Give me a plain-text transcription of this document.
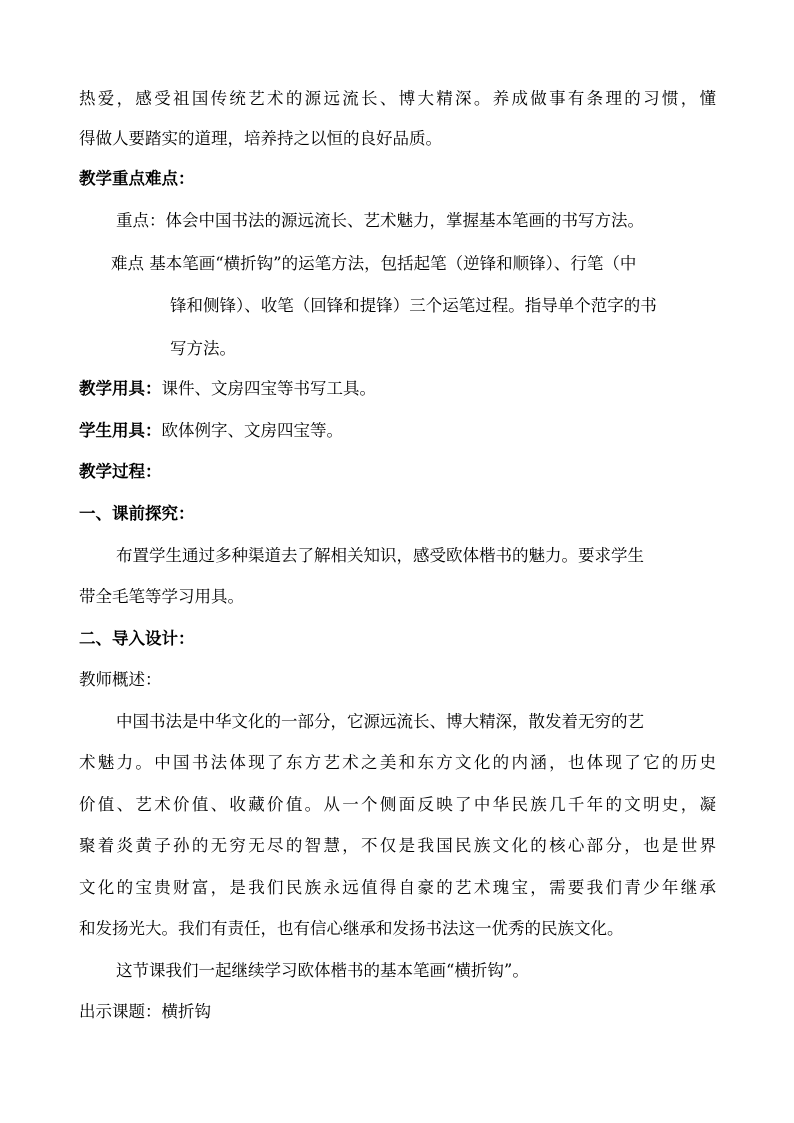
热爱，感受祖国传统艺术的源远流长、博大精深。养成做事有条理的习惯，懂
得做人要踏实的道理，培养持之以恒的良好品质。
教学重点难点：
重点：体会中国书法的源远流长、艺术魅力，掌握基本笔画的书写方法。
难点 基本笔画“横折钩”的运笔方法，包括起笔（逆锋和顺锋）、行笔（中
锋和侧锋）、收笔（回锋和提锋）三个运笔过程。指导单个范字的书
写方法。
教学用具：课件、文房四宝等书写工具。
学生用具：欧体例字、文房四宝等。
教学过程：
一、课前探究：
布置学生通过多种渠道去了解相关知识，感受欧体楷书的魅力。要求学生
带全毛笔等学习用具。
二、导入设计：
教师概述：
中国书法是中华文化的一部分，它源远流长、博大精深，散发着无穷的艺
术魅力。中国书法体现了东方艺术之美和东方文化的内涵，也体现了它的历史
价值、艺术价值、收藏价值。从一个侧面反映了中华民族几千年的文明史，凝
聚着炎黄子孙的无穷无尽的智慧，不仅是我国民族文化的核心部分，也是世界
文化的宝贵财富，是我们民族永远值得自豪的艺术瑰宝，需要我们青少年继承
和发扬光大。我们有责任，也有信心继承和发扬书法这一优秀的民族文化。
这节课我们一起继续学习欧体楷书的基本笔画“横折钩”。
出示课题：横折钩
